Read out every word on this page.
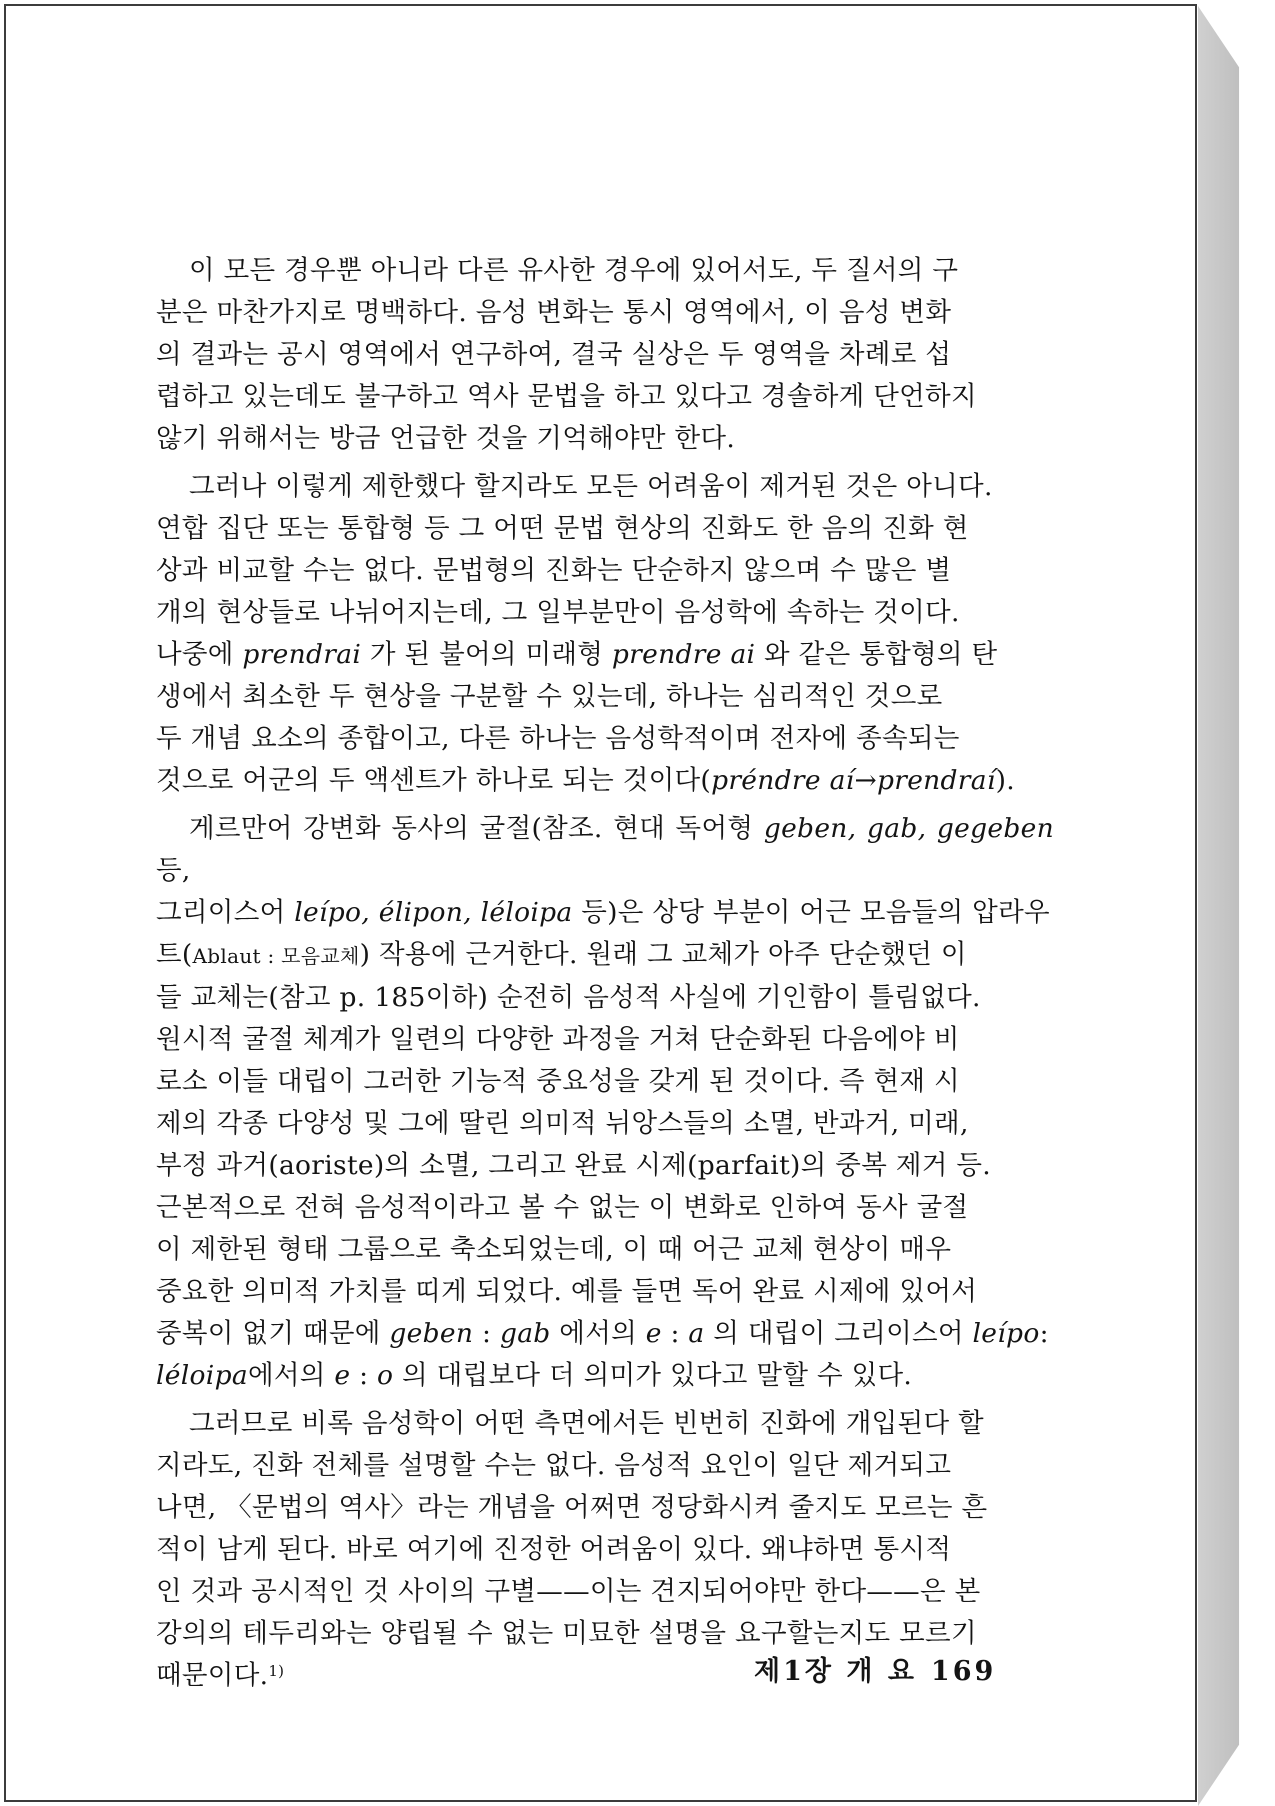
이 모든 경우뿐 아니라 다른 유사한 경우에 있어서도, 두 질서의 구

분은 마찬가지로 명백하다. 음성 변화는 통시 영역에서, 이 음성 변화

의 결과는 공시 영역에서 연구하여, 결국 실상은 두 영역을 차례로 섭

렵하고 있는데도 불구하고 역사 문법을 하고 있다고 경솔하게 단언하지

않기 위해서는 방금 언급한 것을 기억해야만 한다.

그러나 이렇게 제한했다 할지라도 모든 어려움이 제거된 것은 아니다.

연합 집단 또는 통합형 등 그 어떤 문법 현상의 진화도 한 음의 진화 현

상과 비교할 수는 없다. 문법형의 진화는 단순하지 않으며 수 많은 별

개의 현상들로 나뉘어지는데, 그 일부분만이 음성학에 속하는 것이다.

나중에 prendrai 가 된 불어의 미래형 prendre ai 와 같은 통합형의 탄

생에서 최소한 두 현상을 구분할 수 있는데, 하나는 심리적인 것으로

두 개념 요소의 종합이고, 다른 하나는 음성학적이며 전자에 종속되는

것으로 어군의 두 액센트가 하나로 되는 것이다(préndre aí→prendraí).

게르만어 강변화 동사의 굴절(참조. 현대 독어형 geben, gab, gegeben 등,

그리이스어 leípo, élipon, léloipa 등)은 상당 부분이 어근 모음들의 압라우

트(Ablaut : 모음교체) 작용에 근거한다. 원래 그 교체가 아주 단순했던 이

들 교체는(참고 p. 185이하) 순전히 음성적 사실에 기인함이 틀림없다.

원시적 굴절 체계가 일련의 다양한 과정을 거쳐 단순화된 다음에야 비

로소 이들 대립이 그러한 기능적 중요성을 갖게 된 것이다. 즉 현재 시

제의 각종 다양성 및 그에 딸린 의미적 뉘앙스들의 소멸, 반과거, 미래,

부정 과거(aoriste)의 소멸, 그리고 완료 시제(parfait)의 중복 제거 등.

근본적으로 전혀 음성적이라고 볼 수 없는 이 변화로 인하여 동사 굴절

이 제한된 형태 그룹으로 축소되었는데, 이 때 어근 교체 현상이 매우

중요한 의미적 가치를 띠게 되었다. 예를 들면 독어 완료 시제에 있어서

중복이 없기 때문에 geben : gab 에서의 e : a 의 대립이 그리이스어 leípo:

léloipa에서의 e : o 의 대립보다 더 의미가 있다고 말할 수 있다.

그러므로 비록 음성학이 어떤 측면에서든 빈번히 진화에 개입된다 할

지라도, 진화 전체를 설명할 수는 없다. 음성적 요인이 일단 제거되고

나면, 〈문법의 역사〉라는 개념을 어쩌면 정당화시켜 줄지도 모르는 흔

적이 남게 된다. 바로 여기에 진정한 어려움이 있다. 왜냐하면 통시적

인 것과 공시적인 것 사이의 구별——이는 견지되어야만 한다——은 본

강의의 테두리와는 양립될 수 없는 미묘한 설명을 요구할는지도 모르기

때문이다.$^{1)}$	제1장 개 요 169
